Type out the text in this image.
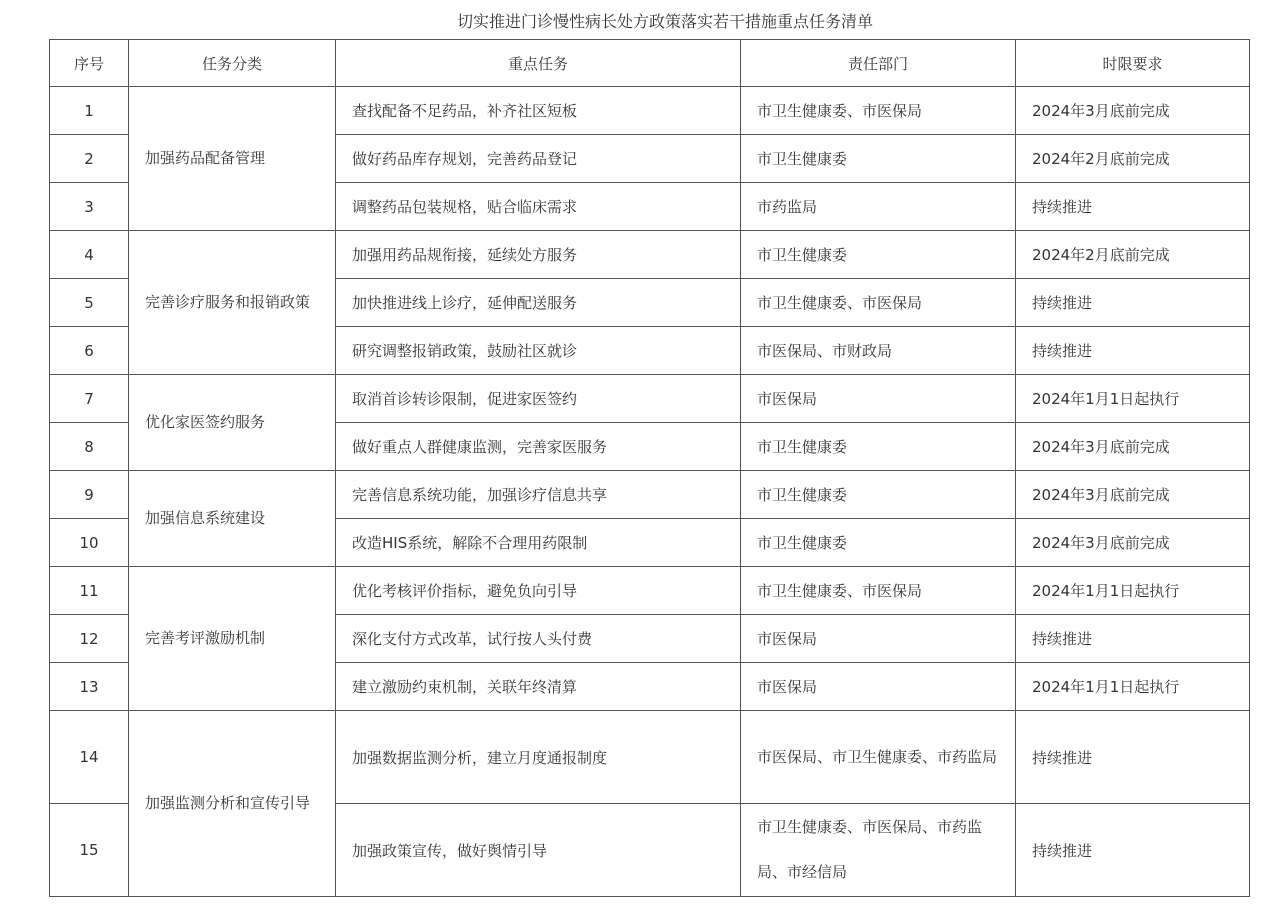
切实推进门诊慢性病长处方政策落实若干措施重点任务清单
序号	任务分类	重点任务	责任部门	时限要求
1	加强药品配备管理	查找配备不足药品，补齐社区短板	市卫生健康委、市医保局	2024年3月底前完成
2		做好药品库存规划，完善药品登记	市卫生健康委	2024年2月底前完成
3		调整药品包装规格，贴合临床需求	市药监局	持续推进
4	完善诊疗服务和报销政策	加强用药品规衔接，延续处方服务	市卫生健康委	2024年2月底前完成
5		加快推进线上诊疗，延伸配送服务	市卫生健康委、市医保局	持续推进
6		研究调整报销政策，鼓励社区就诊	市医保局、市财政局	持续推进
7	优化家医签约服务	取消首诊转诊限制，促进家医签约	市医保局	2024年1月1日起执行
8		做好重点人群健康监测，完善家医服务	市卫生健康委	2024年3月底前完成
9	加强信息系统建设	完善信息系统功能，加强诊疗信息共享	市卫生健康委	2024年3月底前完成
10		改造HIS系统，解除不合理用药限制	市卫生健康委	2024年3月底前完成
11	完善考评激励机制	优化考核评价指标，避免负向引导	市卫生健康委、市医保局	2024年1月1日起执行
12		深化支付方式改革，试行按人头付费	市医保局	持续推进
13		建立激励约束机制，关联年终清算	市医保局	2024年1月1日起执行
14	加强监测分析和宣传引导	加强数据监测分析，建立月度通报制度	市医保局、市卫生健康委、市药监局	持续推进
15		加强政策宣传，做好舆情引导	市卫生健康委、市医保局、市药监局、市经信局	持续推进
